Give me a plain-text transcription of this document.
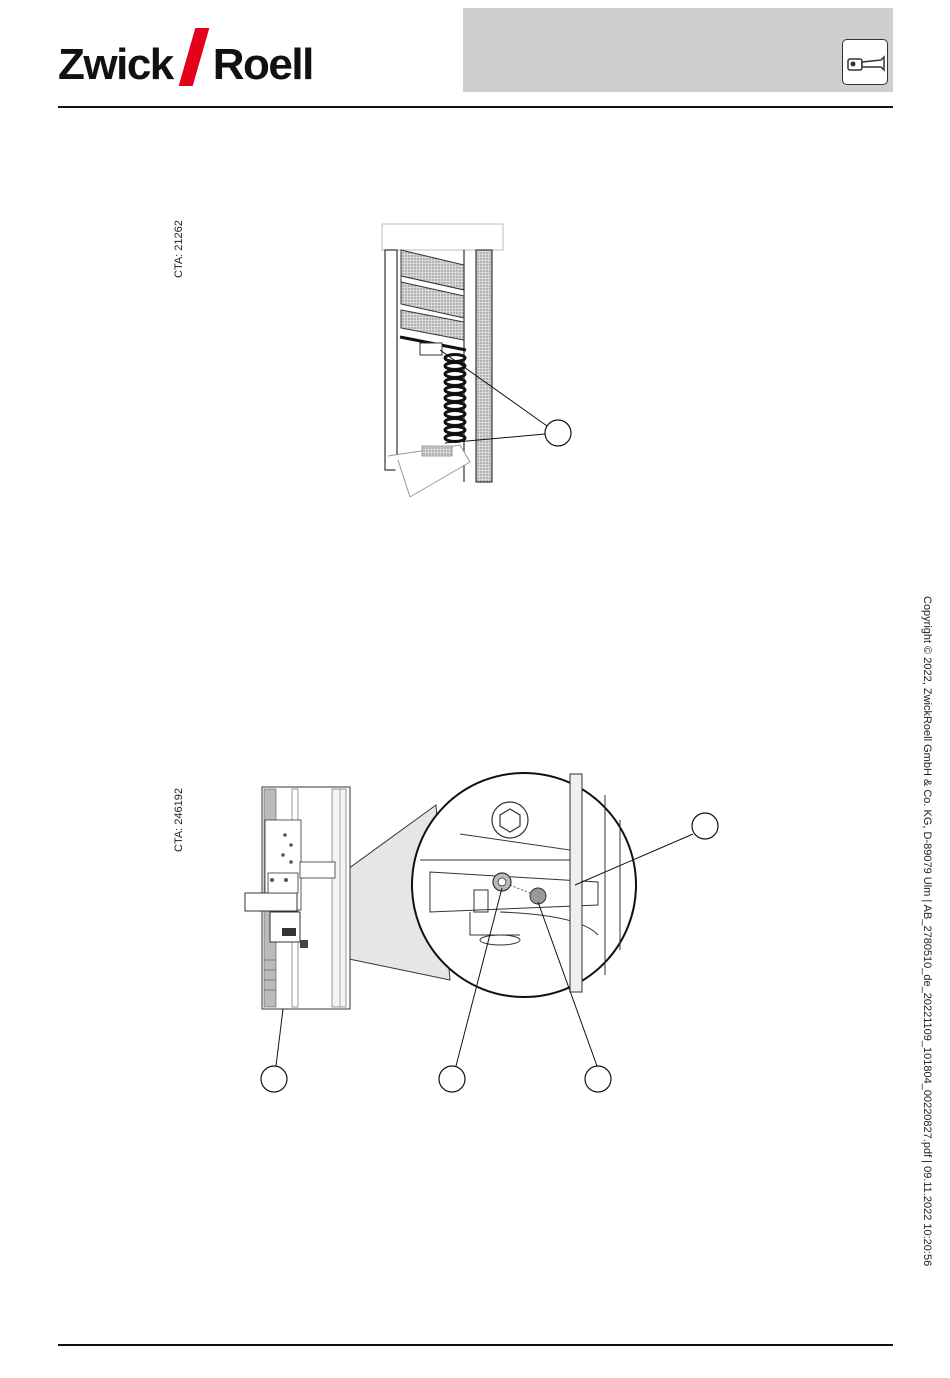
Zwick Roell
CTA: 21262
CTA: 246192	Copyright © 2022, ZwickRoell GmbH & Co. KG, D-89079 Ulm | AB_2780510_de_20221109_101804_00220827.pdf | 09.11.2022 10:20:56
